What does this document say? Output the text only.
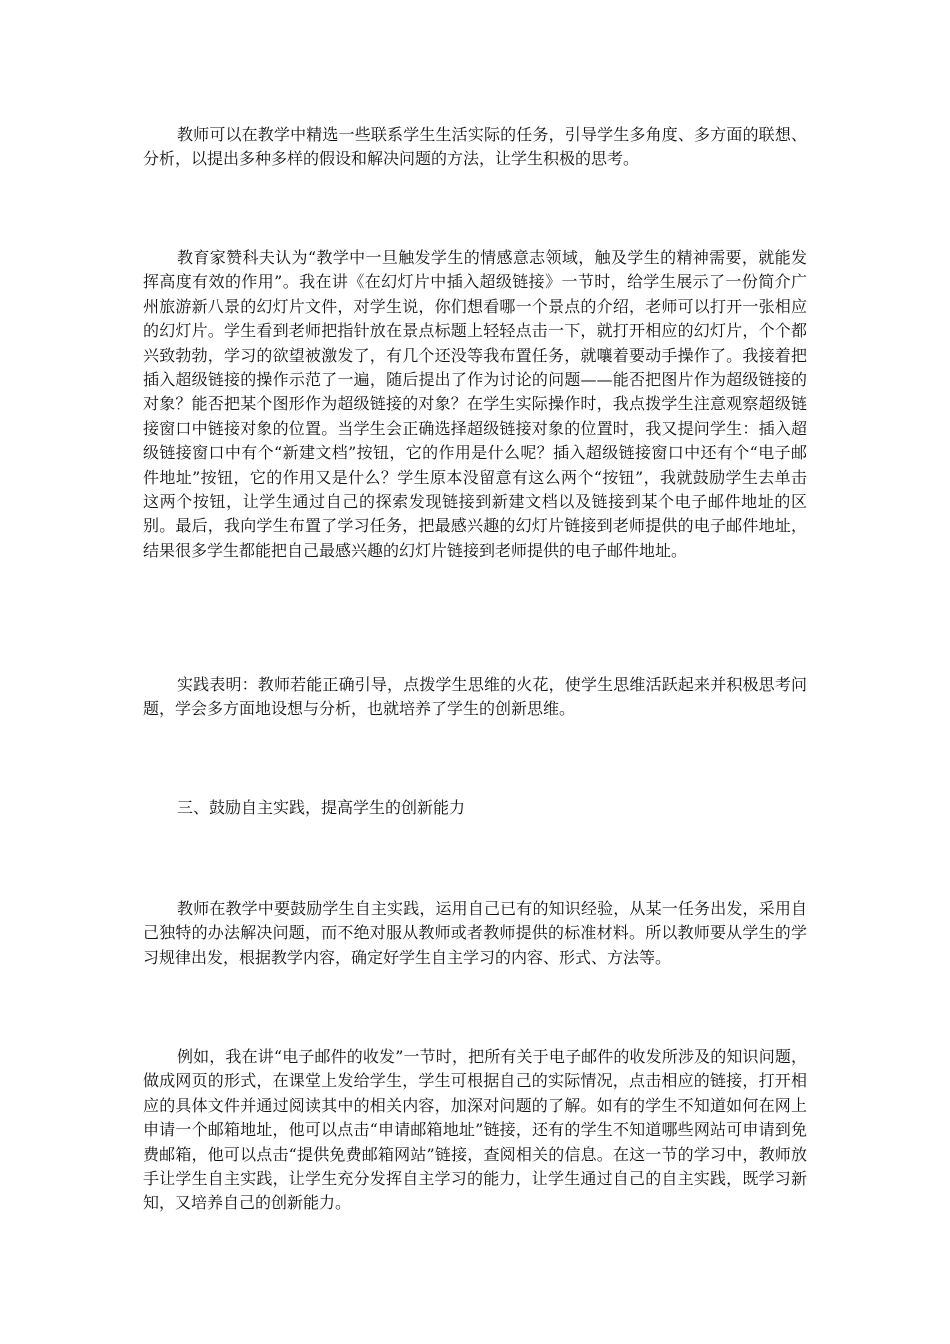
教师可以在教学中精选一些联系学生生活实际的任务，引导学生多角度、多方面的联想、分析，以提出多种多样的假设和解决问题的方法，让学生积极的思考。

教育家赞科夫认为“教学中一旦触发学生的情感意志领域，触及学生的精神需要，就能发挥高度有效的作用”。我在讲《在幻灯片中插入超级链接》一节时，给学生展示了一份简介广州旅游新八景的幻灯片文件，对学生说，你们想看哪一个景点的介绍，老师可以打开一张相应的幻灯片。学生看到老师把指针放在景点标题上轻轻点击一下，就打开相应的幻灯片，个个都兴致勃勃，学习的欲望被激发了，有几个还没等我布置任务，就嚷着要动手操作了。我接着把插入超级链接的操作示范了一遍，随后提出了作为讨论的问题——能否把图片作为超级链接的对象？能否把某个图形作为超级链接的对象？在学生实际操作时，我点拨学生注意观察超级链接窗口中链接对象的位置。当学生会正确选择超级链接对象的位置时，我又提问学生：插入超级链接窗口中有个“新建文档”按钮，它的作用是什么呢？插入超级链接窗口中还有个“电子邮件地址”按钮，它的作用又是什么？学生原本没留意有这么两个“按钮”，我就鼓励学生去单击这两个按钮，让学生通过自己的探索发现链接到新建文档以及链接到某个电子邮件地址的区别。最后，我向学生布置了学习任务，把最感兴趣的幻灯片链接到老师提供的电子邮件地址，结果很多学生都能把自己最感兴趣的幻灯片链接到老师提供的电子邮件地址。

实践表明：教师若能正确引导，点拨学生思维的火花，使学生思维活跃起来并积极思考问题，学会多方面地设想与分析，也就培养了学生的创新思维。

三、鼓励自主实践，提高学生的创新能力

教师在教学中要鼓励学生自主实践，运用自己已有的知识经验，从某一任务出发，采用自己独特的办法解决问题，而不绝对服从教师或者教师提供的标准材料。所以教师要从学生的学习规律出发，根据教学内容，确定好学生自主学习的内容、形式、方法等。

例如，我在讲“电子邮件的收发”一节时，把所有关于电子邮件的收发所涉及的知识问题，做成网页的形式，在课堂上发给学生，学生可根据自己的实际情况，点击相应的链接，打开相应的具体文件并通过阅读其中的相关内容，加深对问题的了解。如有的学生不知道如何在网上申请一个邮箱地址，他可以点击“申请邮箱地址”链接，还有的学生不知道哪些网站可申请到免费邮箱，他可以点击“提供免费邮箱网站”链接，查阅相关的信息。在这一节的学习中，教师放手让学生自主实践，让学生充分发挥自主学习的能力，让学生通过自己的自主实践，既学习新知，又培养自己的创新能力。
